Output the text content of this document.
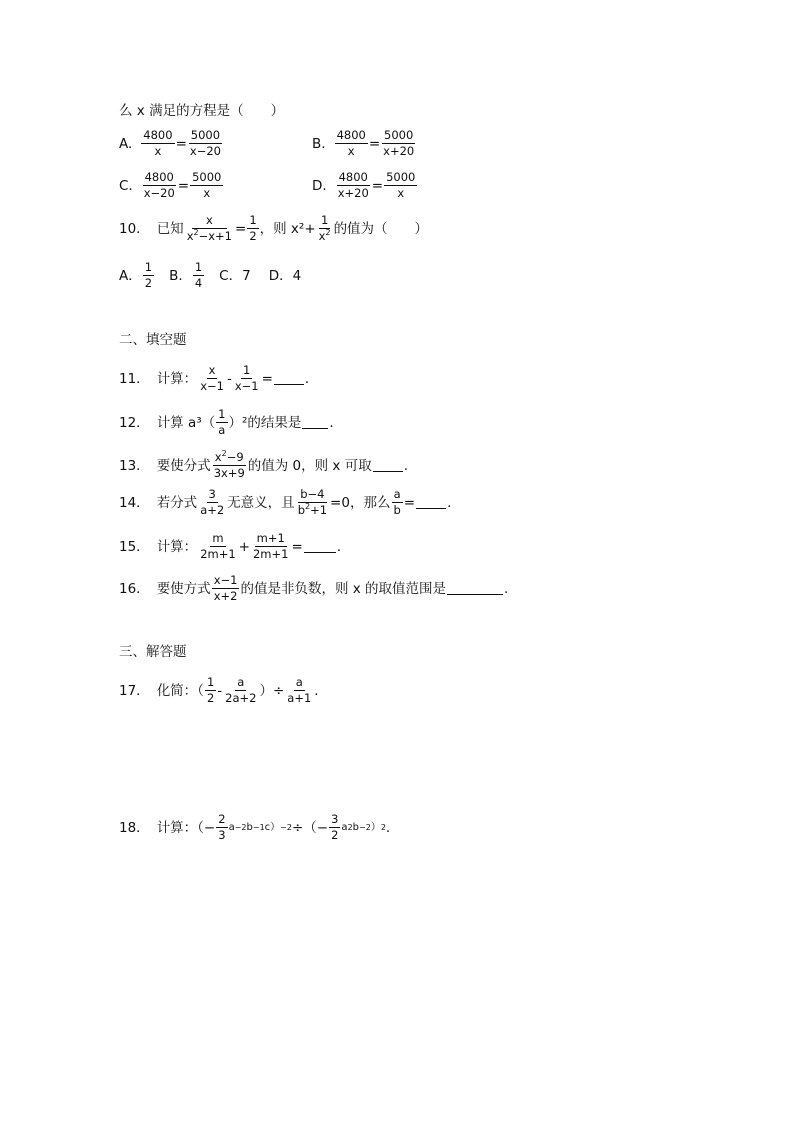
么 x 满足的方程是（　　）
A. $\frac{4800}{x} = \frac{5000}{x-20}$	B. $\frac{4800}{x} = \frac{5000}{x+20}$
C. $\frac{4800}{x-20} = \frac{5000}{x}$	D. $\frac{4800}{x+20} = \frac{5000}{x}$
10． 已知 $\frac{x}{x^2-x+1} = \frac{1}{2}$ ，则 $x^2+ \frac{1}{x^2}$ 的值为（　　）
A．
1
2 B．
1
4 C．7 D．4
二、填空题
11． 计算：
x
$x-1 - \frac{1}{x-1}$ = .
12． 计算 a³（
1
a ）²的结果是 .
13． 要使分式
$x^2-9$
3x+9 的值为 0，则 x 可取 .
14． 若分式
3
a+2 无意义，且 $\frac{b-4}{b^2+1} =0$，那么 $\frac{a}{b}$ = .
15． 计算：
m
$2m+1 + \frac{m+1}{2m+1}$ =	.
16． 要使方式
x−1
x+2 的值是非负数，则 x 的取值范围是	.
三、解答题
17． 化简：（
1
2 -
a
2a+2 ）÷ $\frac{a}{a+1}$ .
18． 计算：（− $\frac{2}{3}$ a −2 b −1 c） −2 ÷（− $\frac{3}{2}$ a 2 b −2 ） 2 .
